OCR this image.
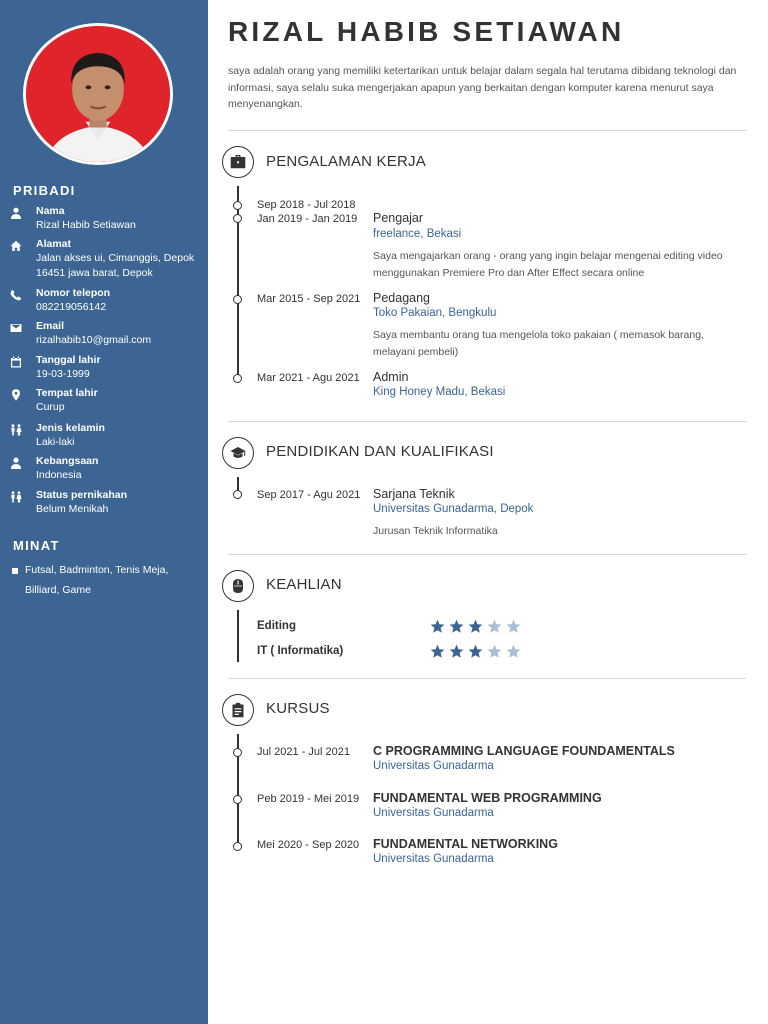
PRIBADI
Nama
Rizal Habib Setiawan
Alamat
Jalan akses ui, Cimanggis, Depok 16451 jawa barat, Depok
Nomor telepon
082219056142
Email
rizalhabib10@gmail.com
Tanggal lahir
19-03-1999
Tempat lahir
Curup
Jenis kelamin
Laki-laki
Kebangsaan
Indonesia
Status pernikahan
Belum Menikah
MINAT
Futsal, Badminton, Tenis Meja, Billiard, Game
RIZAL HABIB SETIAWAN
saya adalah orang yang memiliki ketertarikan untuk belajar dalam segala hal terutama dibidang teknologi dan informasi, saya selalu suka mengerjakan apapun yang berkaitan dengan komputer karena menurut saya menyenangkan.
PENGALAMAN KERJA
Sep 2018 - Jul 2018
Jan 2019 - Jan 2019 Pengajar
freelance, Bekasi
Saya mengajarkan orang - orang yang ingin belajar mengenai editing video menggunakan Premiere Pro dan After Effect secara online
Mar 2015 - Sep 2021 Pedagang
Toko Pakaian, Bengkulu
Saya membantu orang tua mengelola toko pakaian ( memasok barang, melayani pembeli)
Mar 2021 - Agu 2021 Admin
King Honey Madu, Bekasi
PENDIDIKAN DAN KUALIFIKASI
Sep 2017 - Agu 2021 Sarjana Teknik
Universitas Gunadarma, Depok
Jurusan Teknik Informatika
KEAHLIAN
Editing
IT ( Informatika)
KURSUS
Jul 2021 - Jul 2021 C PROGRAMMING LANGUAGE FOUNDAMENTALS
Universitas Gunadarma
Peb 2019 - Mei 2019 FUNDAMENTAL WEB PROGRAMMING
Universitas Gunadarma
Mei 2020 - Sep 2020 FUNDAMENTAL NETWORKING
Universitas Gunadarma
